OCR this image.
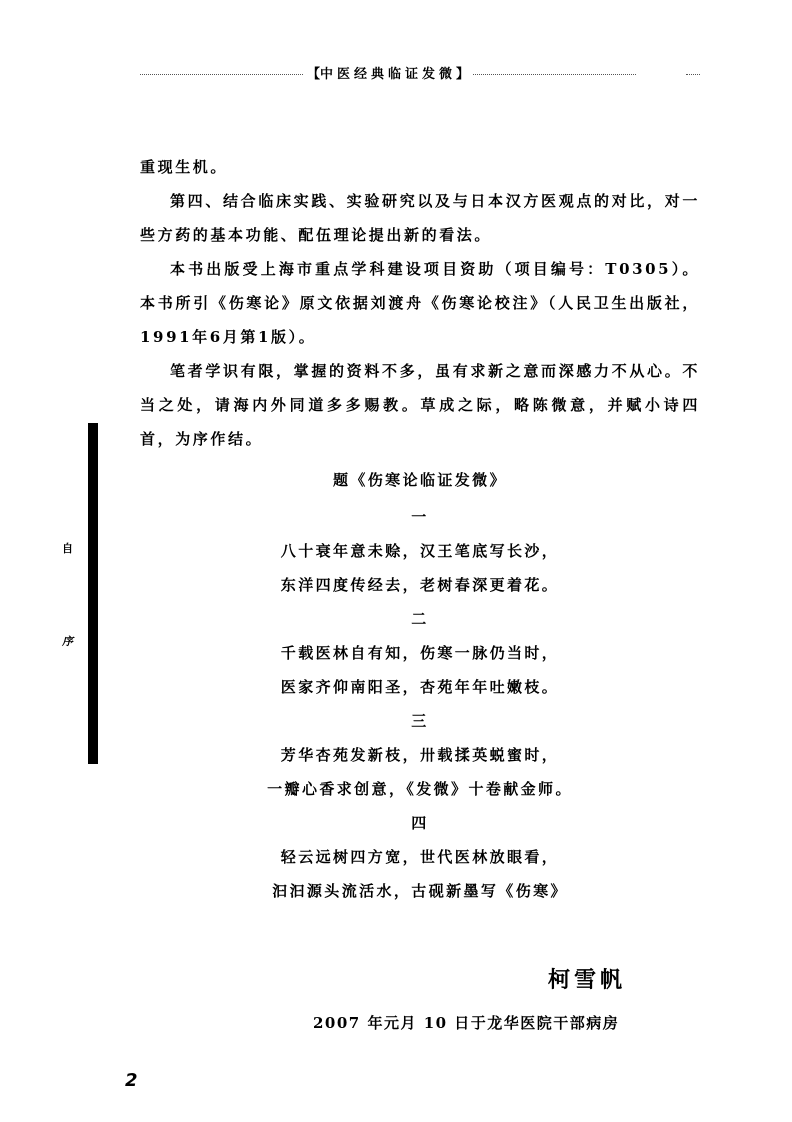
【 中医经典临证发微 】

重现生机。

第四、结合临床实践、实验研究以及与日本汉方医观点的对比，对一些方药的基本功能、配伍理论提出新的看法。

本书出版受上海市重点学科建设项目资助（项目编号：T0305）。本书所引《伤寒论》原文依据刘渡舟《伤寒论校注》（人民卫生出版社，1991年6月第1版）。

笔者学识有限，掌握的资料不多，虽有求新之意而深感力不从心。不当之处，请海内外同道多多赐教。草成之际，略陈微意，并赋小诗四首，为序作结。

题《伤寒论临证发微》
一
八十衰年意未赊，汉王笔底写长沙，
东洋四度传经去，老树春深更着花。
二
千载医林自有知，伤寒一脉仍当时，
医家齐仰南阳圣，杏苑年年吐嫩枝。
三
芳华杏苑发新枝，卅载揉英蜕蜜时，
一瓣心香求创意，《发微》十卷献金师。
四
轻云远树四方宽，世代医林放眼看，
汩汩源头流活水，古砚新墨写《伤寒》
柯雪帆
2007 年元月 10 日于龙华医院干部病房
自
序
2
